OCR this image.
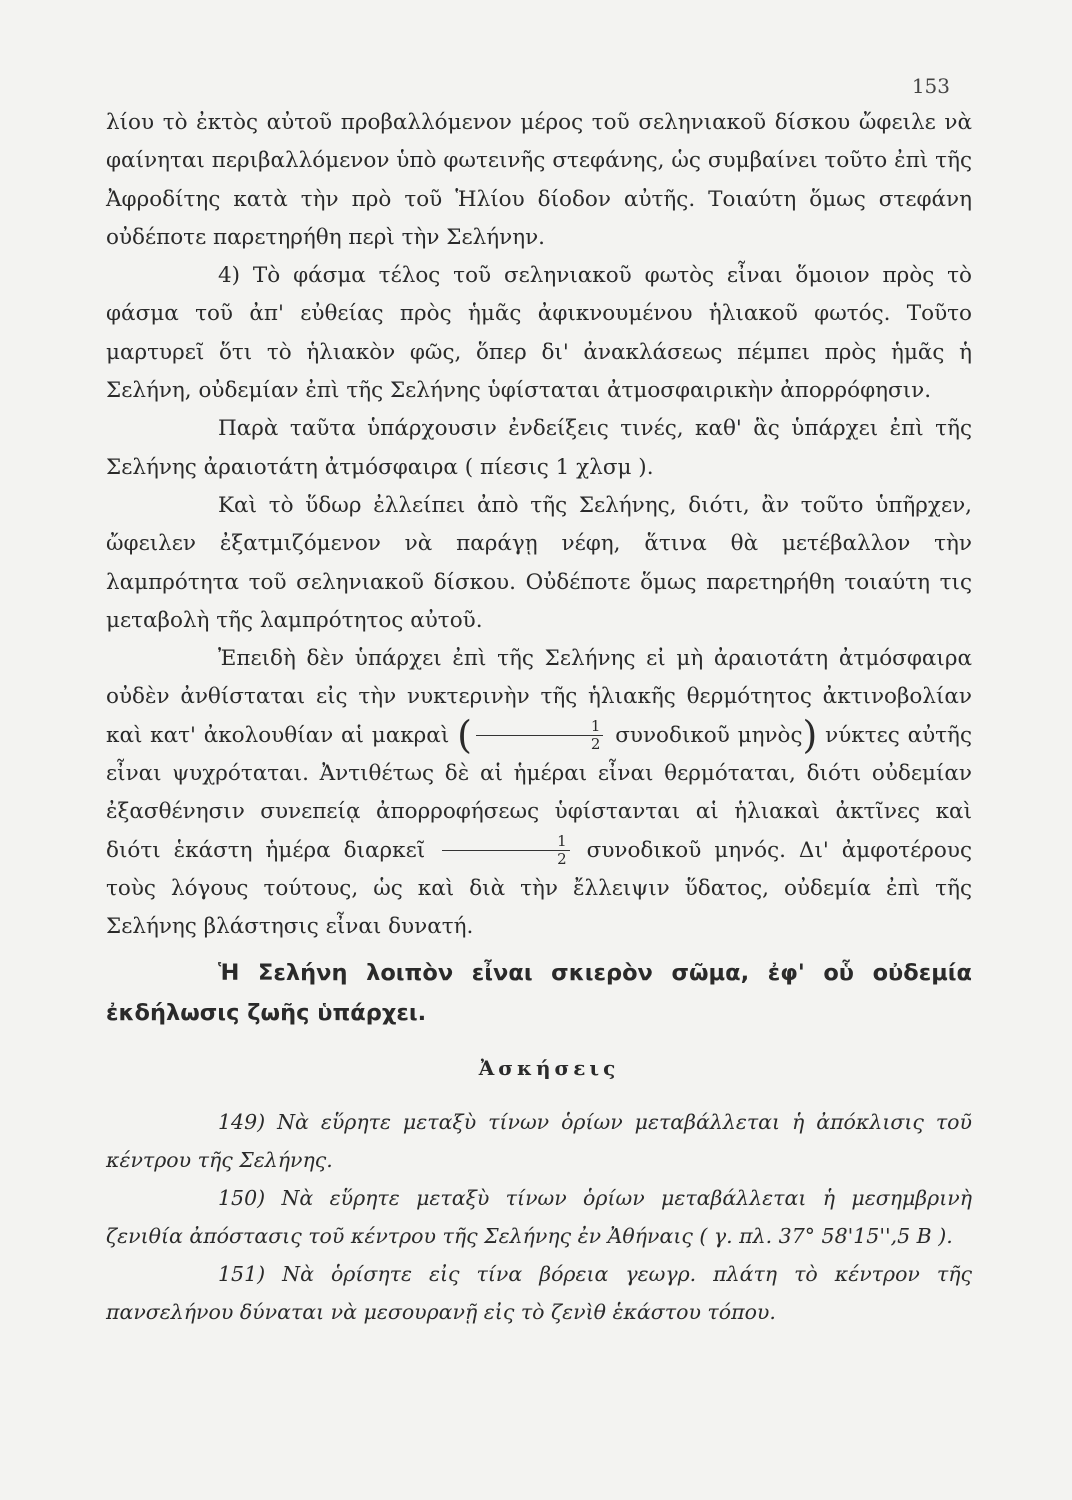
153

λίου τὸ ἐκτὸς αὐτοῦ προβαλλόμενον μέρος τοῦ σεληνιακοῦ δίσκου ὤφειλε νὰ φαίνηται περιβαλλόμενον ὑπὸ φωτεινῆς στεφάνης, ὡς συμβαίνει τοῦτο ἐπὶ τῆς Ἀφροδίτης κατὰ τὴν πρὸ τοῦ Ἡλίου δίοδον αὐτῆς. Τοιαύτη ὅμως στεφάνη οὐδέποτε παρετηρήθη περὶ τὴν Σελήνην.

4) Τὸ φάσμα τέλος τοῦ σεληνιακοῦ φωτὸς εἶναι ὅμοιον πρὸς τὸ φάσμα τοῦ ἀπ' εὐθείας πρὸς ἡμᾶς ἀφικνουμένου ἡλιακοῦ φωτός. Τοῦτο μαρτυρεῖ ὅτι τὸ ἡλιακὸν φῶς, ὅπερ δι' ἀνακλάσεως πέμπει πρὸς ἡμᾶς ἡ Σελήνη, οὐδεμίαν ἐπὶ τῆς Σελήνης ὑφίσταται ἀτμοσφαιρικὴν ἀπορρόφησιν.

Παρὰ ταῦτα ὑπάρχουσιν ἐνδείξεις τινές, καθ' ἃς ὑπάρχει ἐπὶ τῆς Σελήνης ἀραιοτάτη ἀτμόσφαιρα ( πίεσις 1 χλσμ ).

Καὶ τὸ ὕδωρ ἐλλείπει ἀπὸ τῆς Σελήνης, διότι, ἂν τοῦτο ὑπῆρχεν, ὤφειλεν ἐξατμιζόμενον νὰ παράγῃ νέφη, ἅτινα θὰ μετέβαλλον τὴν λαμπρότητα τοῦ σεληνιακοῦ δίσκου. Οὐδέποτε ὅμως παρετηρήθη τοιαύτη τις μεταβολὴ τῆς λαμπρότητος αὐτοῦ.

Ἐπειδὴ δὲν ὑπάρχει ἐπὶ τῆς Σελήνης εἰ μὴ ἀραιοτάτη ἀτμόσφαιρα οὐδὲν ἀνθίσταται εἰς τὴν νυκτερινὴν τῆς ἡλιακῆς θερμότητος ἀκτινοβολίαν καὶ κατ' ἀκολουθίαν αἱ μακραὶ ( $\frac{1}{2}$ συνοδικοῦ μηνὸς) νύκτες αὐτῆς εἶναι ψυχρόταται. Ἀντιθέτως δὲ αἱ ἡμέραι εἶναι θερμόταται, διότι οὐδεμίαν ἐξασθένησιν συνεπείᾳ ἀπορροφήσεως ὑφίστανται αἱ ἡλιακαὶ ἀκτῖνες καὶ διότι ἑκάστη ἡμέρα διαρκεῖ $\frac{1}{2}$ συνοδικοῦ μηνός. Δι' ἀμφοτέρους τοὺς λόγους τούτους, ὡς καὶ διὰ τὴν ἔλλειψιν ὕδατος, οὐδεμία ἐπὶ τῆς Σελήνης βλάστησις εἶναι δυνατή.

Ἡ Σελήνη λοιπὸν εἶναι σκιερὸν σῶμα, ἐφ' οὗ οὐδεμία ἐκδήλωσις ζωῆς ὑπάρχει.

Ἀσκήσεις

149) Νὰ εὕρητε μεταξὺ τίνων ὁρίων μεταβάλλεται ἡ ἀπόκλισις τοῦ κέντρου τῆς Σελήνης.

150) Νὰ εὕρητε μεταξὺ τίνων ὁρίων μεταβάλλεται ἡ μεσημβρινὴ ζενιθία ἀπόστασις τοῦ κέντρου τῆς Σελήνης ἐν Ἀθήναις ( γ. πλ. 37° 58'15'',5 Β ).

151) Νὰ ὁρίσητε εἰς τίνα βόρεια γεωγρ. πλάτη τὸ κέντρον τῆς πανσελήνου δύναται νὰ μεσουρανῇ εἰς τὸ ζενὶθ ἑκάστου τόπου.
